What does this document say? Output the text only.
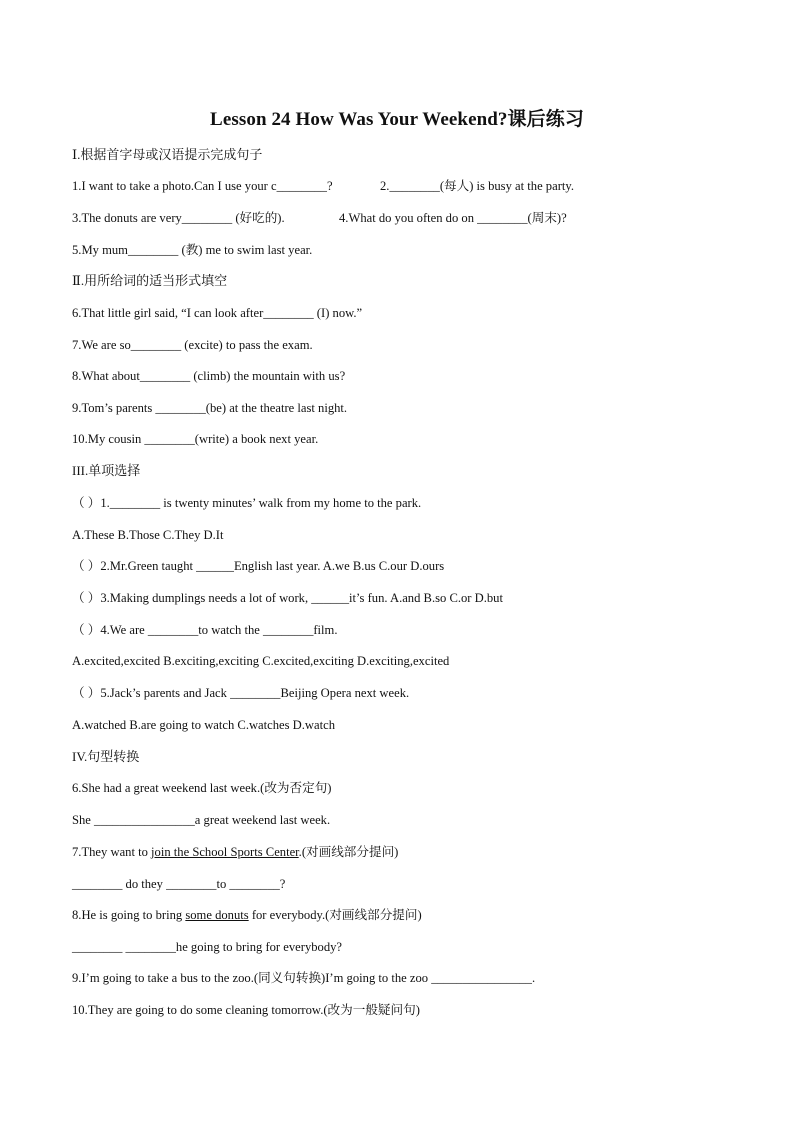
Lesson 24 How Was Your Weekend?课后练习
Ⅰ.根据首字母或汉语提示完成句子
1.I want to take a photo.Can I use your c________?	2.________(每人) is busy at the party.
3.The donuts are very________ (好吃的).	4.What do you often do on ________(周末)?
5.My mum________ (教) me to swim last year.
Ⅱ.用所给词的适当形式填空
6.That little girl said, “I can look after________ (I) now.”
7.We are so________ (excite) to pass the exam.
8.What about________ (climb) the mountain with us?
9.Tom’s parents ________(be) at the theatre last night.
10.My cousin ________(write) a book next year.
III.单项选择
（ ）1.________ is twenty minutes’ walk from my home to the park.
A.These B.Those C.They D.It
（ ）2.Mr.Green taught ______English last year. A.we B.us C.our D.ours
（ ）3.Making dumplings needs a lot of work, ______it’s fun. A.and B.so C.or D.but
（ ）4.We are ________to watch the ________film.
A.excited,excited B.exciting,exciting C.excited,exciting D.exciting,excited
（ ）5.Jack’s parents and Jack ________Beijing Opera next week.
A.watched B.are going to watch C.watches D.watch
IV.句型转换
6.She had a great weekend last week.(改为否定句)
She ________________a great weekend last week.
7.They want to join the School Sports Center.(对画线部分提问)
________ do they ________to ________?
8.He is going to bring some donuts for everybody.(对画线部分提问)
________ ________he going to bring for everybody?
9.I’m going to take a bus to the zoo.(同义句转换)I’m going to the zoo ________________.
10.They are going to do some cleaning tomorrow.(改为一般疑问句)
